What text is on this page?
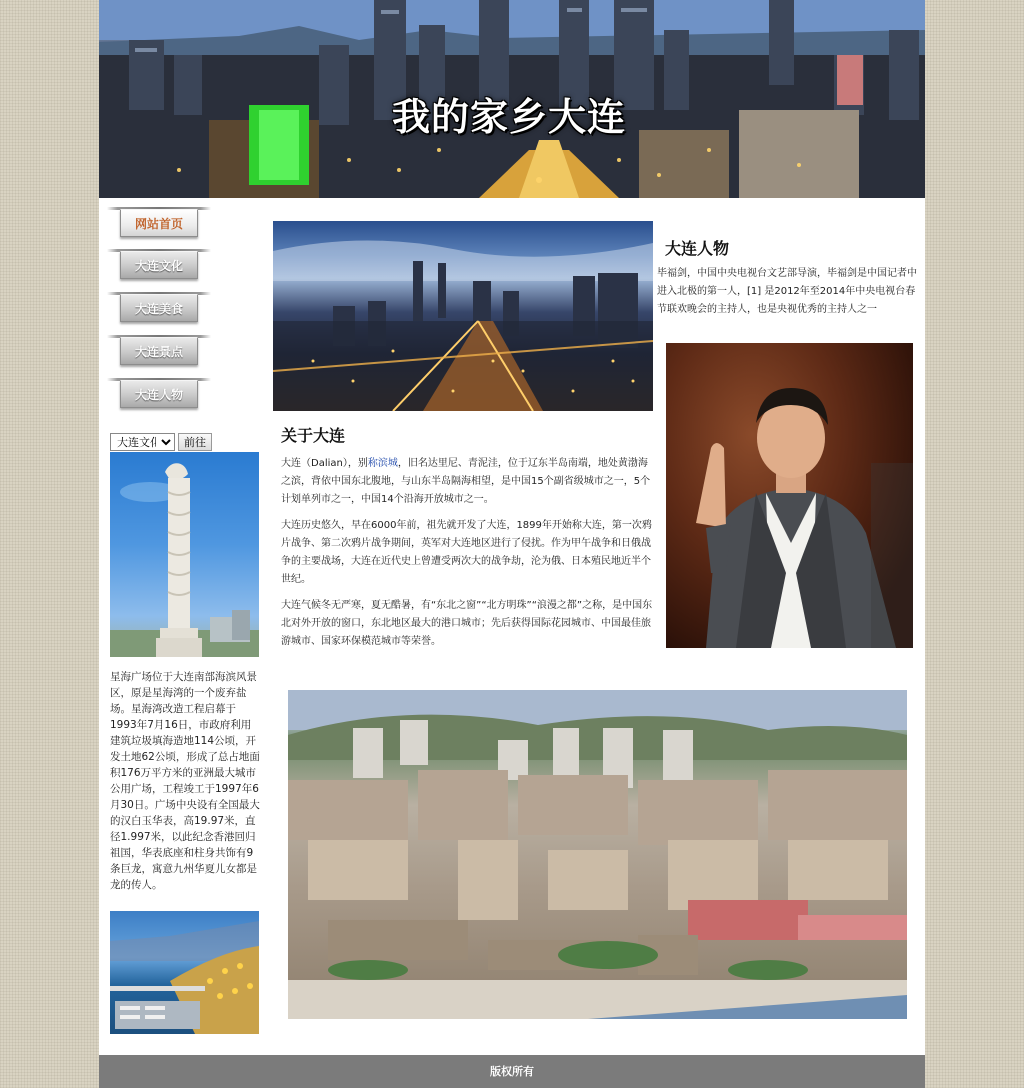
我的家乡大连
网站首页
大连文化
大连美食
大连景点
大连人物
大连文化
前往
星海广场位于大连南部海滨风景区，原是星海湾的一个废弃盐场。星海湾改造工程启幕于1993年7月16日，市政府利用建筑垃圾填海造地114公顷，开发土地62公顷，形成了总占地面积176万平方米的亚洲最大城市公用广场，工程竣工于1997年6月30日。广场中央设有全国最大的汉白玉华表，高19.97米，直径1.997米，以此纪念香港回归祖国，华表底座和柱身共饰有9条巨龙，寓意九州华夏儿女都是龙的传人。
关于大连

大连（Dalian），别称滨城，旧名达里尼、青泥洼，位于辽东半岛南端，地处黄渤海之滨，背依中国东北腹地，与山东半岛隔海相望，是中国15个副省级城市之一，5个计划单列市之一，中国14个沿海开放城市之一。

大连历史悠久，早在6000年前，祖先就开发了大连，1899年开始称大连，第一次鸦片战争、第二次鸦片战争期间，英军对大连地区进行了侵扰。作为甲午战争和日俄战争的主要战场，大连在近代史上曾遭受两次大的战争劫，沦为俄、日本殖民地近半个世纪。

大连气候冬无严寒，夏无酷暑，有“东北之窗”“北方明珠”“浪漫之都”之称，是中国东北对外开放的窗口，东北地区最大的港口城市；先后获得国际花园城市、中国最佳旅游城市、国家环保模范城市等荣誉。

大连人物
毕福剑，中国中央电视台文艺部导演，毕福剑是中国记者中进入北极的第一人，[1] 是2012年至2014年中央电视台春节联欢晚会的主持人，也是央视优秀的主持人之一
版权所有
